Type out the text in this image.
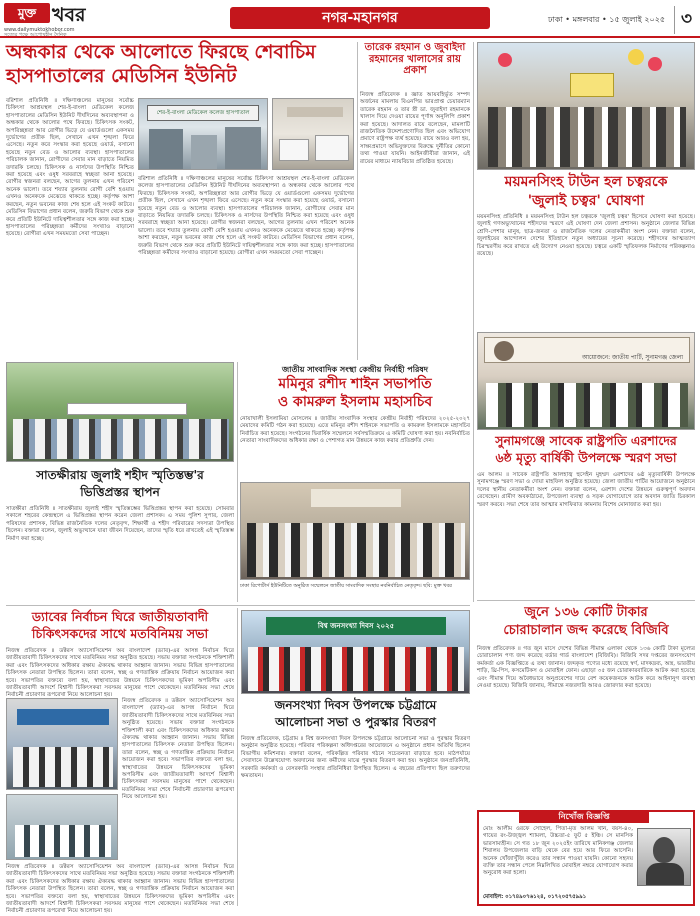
মুক্ত খবর
www.dailymuktokhobor.com
সত্যের পক্ষে আপোষহীন দৈনিক
নগর-মহানগর	ঢাকা • মঙ্গলবার • ১৫ জুলাই ২০২৫ ৩
অন্ধকার থেকে আলোতে ফিরছে শেবাচিম
হাসপাতালের মেডিসিন ইউনিট
বরিশাল প্রতিনিধি ॥ দক্ষিণাঞ্চলের মানুষের সর্বোচ্চ চিকিৎসা আশ্রয়স্থল শের-ই-বাংলা মেডিকেল কলেজ হাসপাতালের মেডিসিন ইউনিট দীর্ঘদিনের অব্যবস্থাপনা ও অন্ধকার থেকে আলোর পথে ফিরছে। চিকিৎসক সংকট, অপরিচ্ছন্নতা আর রোগীর ভিড়ে যে ওয়ার্ডগুলো একসময় দুর্ভোগের প্রতীক ছিল, সেখানে এখন শৃঙ্খলা ফিরে এসেছে। নতুন করে সংস্কার করা হয়েছে ওয়ার্ড, বসানো হয়েছে নতুন বেড ও আলোর ব্যবস্থা। হাসপাতালের পরিচালক জানান, রোগীদের সেবার মান বাড়াতে নিয়মিত তদারকি চলছে। চিকিৎসক ও নার্সদের উপস্থিতি নিশ্চিত করা হয়েছে এবং ওষুধ সরবরাহে স্বচ্ছতা আনা হয়েছে। রোগীর স্বজনরা বলছেন, আগের তুলনায় এখন পরিবেশ অনেক ভালো। তবে শয্যার তুলনায় রোগী বেশি হওয়ায় এখনও অনেককে মেঝেতে থাকতে হচ্ছে। কর্তৃপক্ষ আশা করছেন, নতুন ভবনের কাজ শেষ হলে এই সংকট কাটবে। মেডিসিন বিভাগের প্রধান বলেন, জরুরি বিভাগ থেকে শুরু করে প্রতিটি ইউনিটে দায়িত্বশীলতার সঙ্গে কাজ করা হচ্ছে। হাসপাতালের পরিচ্ছন্নতা কর্মীদের সংখ্যাও বাড়ানো হয়েছে। রোগীরা এখন সময়মতো সেবা পাচ্ছেন।
শের-ই-বাংলা মেডিকেল কলেজ হাসপাতাল
বরিশাল প্রতিনিধি ॥ দক্ষিণাঞ্চলের মানুষের সর্বোচ্চ চিকিৎসা আশ্রয়স্থল শের-ই-বাংলা মেডিকেল কলেজ হাসপাতালের মেডিসিন ইউনিট দীর্ঘদিনের অব্যবস্থাপনা ও অন্ধকার থেকে আলোর পথে ফিরছে। চিকিৎসক সংকট, অপরিচ্ছন্নতা আর রোগীর ভিড়ে যে ওয়ার্ডগুলো একসময় দুর্ভোগের প্রতীক ছিল, সেখানে এখন শৃঙ্খলা ফিরে এসেছে। নতুন করে সংস্কার করা হয়েছে ওয়ার্ড, বসানো হয়েছে নতুন বেড ও আলোর ব্যবস্থা। হাসপাতালের পরিচালক জানান, রোগীদের সেবার মান বাড়াতে নিয়মিত তদারকি চলছে। চিকিৎসক ও নার্সদের উপস্থিতি নিশ্চিত করা হয়েছে এবং ওষুধ সরবরাহে স্বচ্ছতা আনা হয়েছে। রোগীর স্বজনরা বলছেন, আগের তুলনায় এখন পরিবেশ অনেক ভালো। তবে শয্যার তুলনায় রোগী বেশি হওয়ায় এখনও অনেককে মেঝেতে থাকতে হচ্ছে। কর্তৃপক্ষ আশা করছেন, নতুন ভবনের কাজ শেষ হলে এই সংকট কাটবে। মেডিসিন বিভাগের প্রধান বলেন, জরুরি বিভাগ থেকে শুরু করে প্রতিটি ইউনিটে দায়িত্বশীলতার সঙ্গে কাজ করা হচ্ছে। হাসপাতালের পরিচ্ছন্নতা কর্মীদের সংখ্যাও বাড়ানো হয়েছে। রোগীরা এখন সময়মতো সেবা পাচ্ছেন।
তারেক রহমান ও জুবাইদা রহমানের খালাসের রায় প্রকাশ
নিজস্ব প্রতিবেদক ॥ জ্ঞাত আয়বহির্ভূত সম্পদ অর্জনের মামলায় বিএনপির ভারপ্রাপ্ত চেয়ারম্যান তারেক রহমান ও তার স্ত্রী ডা. জুবাইদা রহমানকে খালাস দিয়ে দেওয়া রায়ের পূর্ণাঙ্গ অনুলিপি প্রকাশ করা হয়েছে। আদালত রায়ে বলেছেন, মামলাটি রাজনৈতিক উদ্দেশ্যপ্রণোদিত ছিল এবং অভিযোগ প্রমাণে রাষ্ট্রপক্ষ ব্যর্থ হয়েছে। রায়ে আরও বলা হয়, সাক্ষ্যপ্রমাণে অভিযুক্তদের বিরুদ্ধে দুর্নীতির কোনো তথ্য পাওয়া যায়নি। আইনজীবীরা জানান, এই রায়ের মাধ্যমে ন্যায়বিচার প্রতিষ্ঠিত হয়েছে।
ময়মনসিংহ টাউন হল চত্বরকে
'জুলাই চত্বর' ঘোষণা
ময়মনসিংহ প্রতিনিধি ॥ ময়মনসিংহ টাউন হল চত্বরকে 'জুলাই চত্বর' হিসেবে ঘোষণা করা হয়েছে। জুলাই গণঅভ্যুত্থানের শহীদদের স্মরণে এই ঘোষণা দেন জেলা প্রশাসন। অনুষ্ঠানে জেলার বিভিন্ন শ্রেণি-পেশার মানুষ, ছাত্র-জনতা ও রাজনৈতিক দলের নেতাকর্মীরা অংশ নেন। বক্তারা বলেন, জুলাইয়ের আন্দোলন দেশের ইতিহাসে নতুন অধ্যায়ের সূচনা করেছে। শহীদদের আত্মত্যাগ চিরস্মরণীয় করে রাখতে এই উদ্যোগ নেওয়া হয়েছে। চত্বরে একটি স্মৃতিফলক নির্মাণের পরিকল্পনাও রয়েছে।
আয়োজনে: জাতীয় পার্টি, সুনামগঞ্জ জেলা
সুনামগঞ্জে সাবেক রাষ্ট্রপতি এরশাদের
৬ষ্ঠ মৃত্যু বার্ষিকী উপলক্ষে স্মরণ সভা
এম আলম ॥ সাবেক রাষ্ট্রপতি আলহাজ্ব হুসেইন মুহম্মদ এরশাদের ৬ষ্ঠ মৃত্যুবার্ষিকী উপলক্ষে সুনামগঞ্জে স্মরণ সভা ও দোয়া মাহফিল অনুষ্ঠিত হয়েছে। জেলা জাতীয় পার্টির আয়োজনে অনুষ্ঠানে দলের স্থানীয় নেতাকর্মীরা অংশ নেন। বক্তারা বলেন, এরশাদ দেশের উন্নয়নে গুরুত্বপূর্ণ অবদান রেখেছেন। গ্রামীণ অবকাঠামো, উপজেলা ব্যবস্থা ও সড়ক যোগাযোগে তার অবদান জাতি চিরকাল স্মরণ করবে। সভা শেষে তার আত্মার মাগফিরাত কামনায় বিশেষ মোনাজাত করা হয়।
জুনে ১৩৬ কোটি টাকার
চোরাচালান জব্দ করেছে বিজিবি
নিজস্ব প্রতিবেদক ॥ গত জুন মাসে দেশের বিভিন্ন সীমান্ত এলাকা থেকে ১৩৬ কোটি টাকা মূল্যের চোরাচালান পণ্য জব্দ করেছে বর্ডার গার্ড বাংলাদেশ (বিজিবি)। বিজিবি সদর দপ্তরের জনসংযোগ কর্মকর্তা এক বিজ্ঞপ্তিতে এ তথ্য জানান। জব্দকৃত পণ্যের মধ্যে রয়েছে স্বর্ণ, মাদকদ্রব্য, অস্ত্র, ভারতীয় শাড়ি, থ্রি-পিস, কসমেটিকস ও মোবাইল ফোন। এছাড়া ৩৫ জন চোরাকারবারিকে আটক করা হয়েছে এবং সীমান্ত দিয়ে অবৈধভাবে অনুপ্রবেশের দায়ে বেশ কয়েকজনকে আটক করে আইনানুগ ব্যবস্থা নেওয়া হয়েছে। বিজিবি জানায়, সীমান্তে নজরদারি আরও জোরদার করা হয়েছে।
নিখোঁজ বিজ্ঞপ্তি
মোঃ আলীম ওরফে সোহেল, পিতা-মৃত আলম খান, বয়স-৪০, গায়ের রং-উজ্জ্বল শ্যামলা, উচ্চতা-৫ ফুট ৫ ইঞ্চি। সে মানসিক ভারসাম্যহীন। সে গত ১৮ জুন ২০২৫ইং তারিখে মানিকগঞ্জ জেলার শিবালয় উপজেলার বাড়ি থেকে বের হয়ে আর ফিরে আসেনি। অনেক খোঁজাখুঁজি করেও তার সন্ধান পাওয়া যায়নি। কোনো সহৃদয় ব্যক্তি তার সন্ধান পেলে নিম্নলিখিত মোবাইল নম্বরে যোগাযোগ করার অনুরোধ করা হলো।
মোবাইল: ০১৭৪৯০৭৬১২৪, ০১৭২০৫৭৫৯৯১
জাতীয় সাংবাদিক সংস্থা কেন্দ্রীয় নির্বাহী পরিষদ
মমিনুর রশীদ শাইন সভাপতি
ও কামরুল ইসলাম মহাসচিব
নোয়াখালী ইসলামিয়া মোসলেম ॥ জাতীয় সাংবাদিক সংস্থার কেন্দ্রীয় নির্বাহী পরিষদের ২০২৫-২০২৭ মেয়াদের কমিটি গঠন করা হয়েছে। এতে মমিনুর রশীদ শাইনকে সভাপতি ও কামরুল ইসলামকে মহাসচিব নির্বাচিত করা হয়েছে। সংগঠনের দ্বিবার্ষিক সম্মেলনে সর্বসম্মতিক্রমে এ কমিটি ঘোষণা করা হয়। নবনির্বাচিত নেতারা সাংবাদিকদের অধিকার রক্ষা ও পেশাগত মান উন্নয়নে কাজ করার প্রতিশ্রুতি দেন।
ঢাকা রিপোর্টার্স ইউনিটিতে অনুষ্ঠিত সম্মেলনে জাতীয় সাংবাদিক সংস্থার নবনির্বাচিত নেতৃবৃন্দ। ছবি: মুক্ত খবর
সাতক্ষীরায় জুলাই শহীদ স্মৃতিস্তম্ভ'র
ভিত্তিপ্রস্তর স্থাপন
সাতক্ষীরা প্রতিনিধি ॥ সাতক্ষীরায় জুলাই শহীদ স্মৃতিস্তম্ভের ভিত্তিপ্রস্তর স্থাপন করা হয়েছে। সোমবার সকালে শহরের কেন্দ্রস্থলে এ ভিত্তিপ্রস্তর স্থাপন করেন জেলা প্রশাসক। এ সময় পুলিশ সুপার, জেলা পরিষদের প্রশাসক, বিভিন্ন রাজনৈতিক দলের নেতৃবৃন্দ, শিক্ষার্থী ও শহীদ পরিবারের সদস্যরা উপস্থিত ছিলেন। বক্তারা বলেন, জুলাই অভ্যুত্থানে যারা জীবন দিয়েছেন, তাদের স্মৃতি ধরে রাখতেই এই স্মৃতিস্তম্ভ নির্মাণ করা হচ্ছে।
ড্যাবের নির্বাচন ঘিরে জাতীয়তাবাদী
চিকিৎসকদের সাথে মতবিনিময় সভা
নিজস্ব প্রতিবেদক ॥ ডক্টরস অ্যাসোসিয়েশন অব বাংলাদেশ (ড্যাব)-এর আসন্ন নির্বাচন ঘিরে জাতীয়তাবাদী চিকিৎসকদের সাথে মতবিনিময় সভা অনুষ্ঠিত হয়েছে। সভায় বক্তারা সংগঠনকে শক্তিশালী করা এবং চিকিৎসকদের অধিকার রক্ষায় ঐক্যবদ্ধ থাকার আহ্বান জানান। সভায় বিভিন্ন হাসপাতালের চিকিৎসক নেতারা উপস্থিত ছিলেন। তারা বলেন, স্বচ্ছ ও গণতান্ত্রিক প্রক্রিয়ায় নির্বাচন আয়োজন করা হবে। সভাপতির বক্তব্যে বলা হয়, স্বাস্থ্যখাতের উন্নয়নে চিকিৎসকদের ভূমিকা অপরিসীম এবং জাতীয়তাবাদী আদর্শে বিশ্বাসী চিকিৎসকরা সবসময় মানুষের পাশে থেকেছেন। মতবিনিময় সভা শেষে নির্বাচনী প্রচারণার রূপরেখা নিয়ে আলোচনা হয়।
নিজস্ব প্রতিবেদক ॥ ডক্টরস অ্যাসোসিয়েশন অব বাংলাদেশ (ড্যাব)-এর আসন্ন নির্বাচন ঘিরে জাতীয়তাবাদী চিকিৎসকদের সাথে মতবিনিময় সভা অনুষ্ঠিত হয়েছে। সভায় বক্তারা সংগঠনকে শক্তিশালী করা এবং চিকিৎসকদের অধিকার রক্ষায় ঐক্যবদ্ধ থাকার আহ্বান জানান। সভায় বিভিন্ন হাসপাতালের চিকিৎসক নেতারা উপস্থিত ছিলেন। তারা বলেন, স্বচ্ছ ও গণতান্ত্রিক প্রক্রিয়ায় নির্বাচন আয়োজন করা হবে। সভাপতির বক্তব্যে বলা হয়, স্বাস্থ্যখাতের উন্নয়নে চিকিৎসকদের ভূমিকা অপরিসীম এবং জাতীয়তাবাদী আদর্শে বিশ্বাসী চিকিৎসকরা সবসময় মানুষের পাশে থেকেছেন। মতবিনিময় সভা শেষে নির্বাচনী প্রচারণার রূপরেখা নিয়ে আলোচনা হয়।
নিজস্ব প্রতিবেদক ॥ ডক্টরস অ্যাসোসিয়েশন অব বাংলাদেশ (ড্যাব)-এর আসন্ন নির্বাচন ঘিরে জাতীয়তাবাদী চিকিৎসকদের সাথে মতবিনিময় সভা অনুষ্ঠিত হয়েছে। সভায় বক্তারা সংগঠনকে শক্তিশালী করা এবং চিকিৎসকদের অধিকার রক্ষায় ঐক্যবদ্ধ থাকার আহ্বান জানান। সভায় বিভিন্ন হাসপাতালের চিকিৎসক নেতারা উপস্থিত ছিলেন। তারা বলেন, স্বচ্ছ ও গণতান্ত্রিক প্রক্রিয়ায় নির্বাচন আয়োজন করা হবে। সভাপতির বক্তব্যে বলা হয়, স্বাস্থ্যখাতের উন্নয়নে চিকিৎসকদের ভূমিকা অপরিসীম এবং জাতীয়তাবাদী আদর্শে বিশ্বাসী চিকিৎসকরা সবসময় মানুষের পাশে থেকেছেন। মতবিনিময় সভা শেষে নির্বাচনী প্রচারণার রূপরেখা নিয়ে আলোচনা হয়।
বিশ্ব জনসংখ্যা দিবস ২০২৫
জনসংখ্যা দিবস উপলক্ষে চট্টগ্রামে
আলোচনা সভা ও পুরস্কার বিতরণ
নিজস্ব প্রতিবেদক, চট্টগ্রাম ॥ বিশ্ব জনসংখ্যা দিবস উপলক্ষে চট্টগ্রামে আলোচনা সভা ও পুরস্কার বিতরণ অনুষ্ঠান অনুষ্ঠিত হয়েছে। পরিবার পরিকল্পনা অধিদপ্তরের আয়োজনে এ অনুষ্ঠানে প্রধান অতিথি ছিলেন বিভাগীয় কমিশনার। বক্তারা বলেন, পরিকল্পিত পরিবার গঠনে সচেতনতা বাড়াতে হবে। মাঠপর্যায়ে সেবাদানে উল্লেখযোগ্য অবদানের জন্য কর্মীদের মাঝে পুরস্কার বিতরণ করা হয়। অনুষ্ঠানে জনপ্রতিনিধি, সরকারি কর্মকর্তা ও বেসরকারি সংস্থার প্রতিনিধিরা উপস্থিত ছিলেন। এ বছরের প্রতিপাদ্য ছিল তরুণদের ক্ষমতায়ন।
